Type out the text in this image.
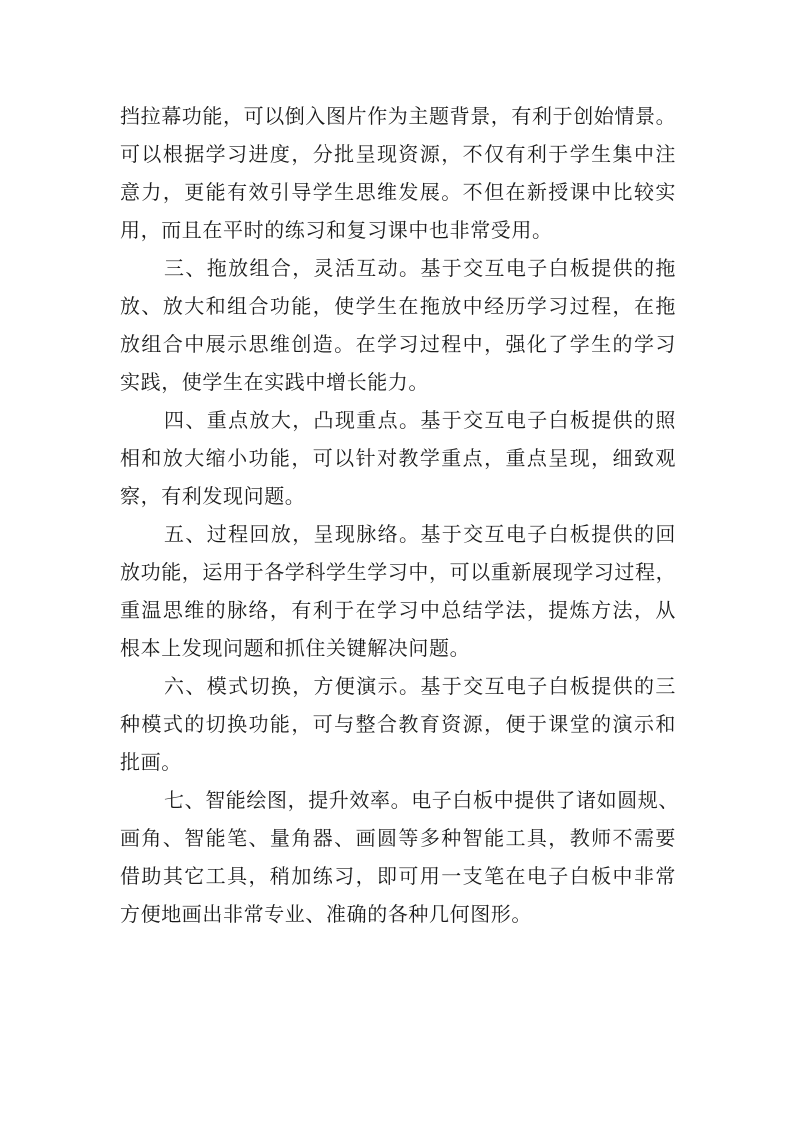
挡拉幕功能，可以倒入图片作为主题背景，有利于创始情景。
可以根据学习进度，分批呈现资源，不仅有利于学生集中注
意力，更能有效引导学生思维发展。不但在新授课中比较实
用，而且在平时的练习和复习课中也非常受用。
三、拖放组合，灵活互动。基于交互电子白板提供的拖
放、放大和组合功能，使学生在拖放中经历学习过程，在拖
放组合中展示思维创造。在学习过程中，强化了学生的学习
实践，使学生在实践中增长能力。
四、重点放大，凸现重点。基于交互电子白板提供的照
相和放大缩小功能，可以针对教学重点，重点呈现，细致观
察，有利发现问题。
五、过程回放，呈现脉络。基于交互电子白板提供的回
放功能，运用于各学科学生学习中，可以重新展现学习过程，
重温思维的脉络，有利于在学习中总结学法，提炼方法，从
根本上发现问题和抓住关键解决问题。
六、模式切换，方便演示。基于交互电子白板提供的三
种模式的切换功能，可与整合教育资源，便于课堂的演示和
批画。
七、智能绘图，提升效率。电子白板中提供了诸如圆规、
画角、智能笔、量角器、画圆等多种智能工具，教师不需要
借助其它工具，稍加练习，即可用一支笔在电子白板中非常
方便地画出非常专业、准确的各种几何图形。
